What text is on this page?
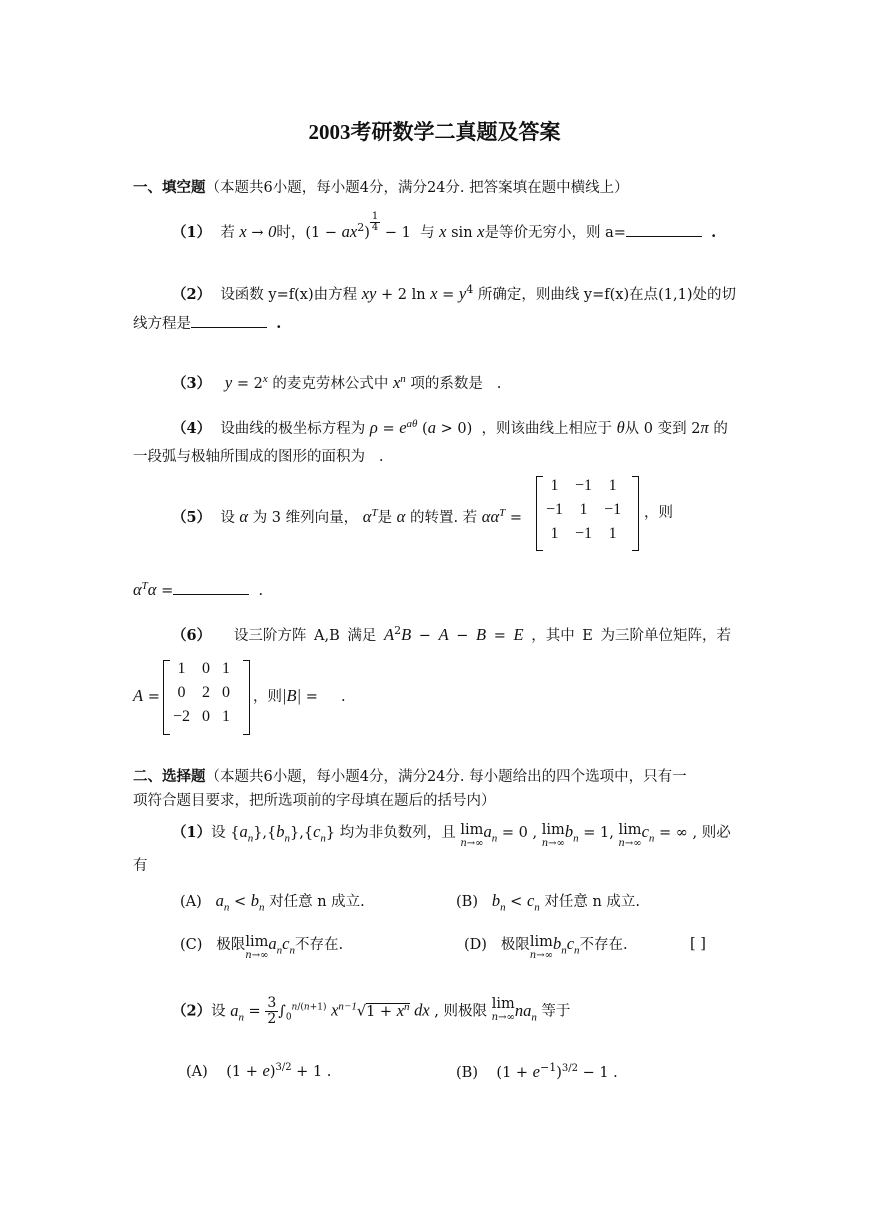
2003考研数学二真题及答案
一、填空题（本题共6小题，每小题4分，满分24分. 把答案填在题中横线上）
（1） 若 x → 0时，$(1 - ax^2)$ $^{\frac{1}{4}}$ − 1  与 x sin x是等价无穷小，则 a=	.
（2） 设函数 y=f(x)由方程 xy + 2 $\ln x = y^4$ 所确定，则曲线 y=f(x)在点(1,1)处的切
线方程是	.
（3） $y = 2^x$ 的麦克劳林公式中 $x^n$ 项的系数是 .
（4） 设曲线的极坐标方程为 $\rho = e^{a\theta}$ (a > 0)  ，则该曲线上相应于 θ从 0 变到 2π 的
一段弧与极轴所围成的图形的面积为 .
（5） 设 α 为 3 维列向量， $\alpha^T$是 α 的转置. 若 $\alpha\alpha^T$ =
1	−1	1
−1	1	−1
1	−1	1
，则
$\alpha^T\alpha$ =	.
（6） 设三阶方阵 A,B 满足 $A^2B - A - B = E$ ，其中 E 为三阶单位矩阵，若
A =
1	0	1
0	2	0
−2	0	1
，则|B| =     .
二、选择题（本题共6小题，每小题4分，满分24分. 每小题给出的四个选项中，只有一
项符合题目要求，把所选项前的字母填在题后的括号内）
（1）设 $\{a_n\},\{b_n\},\{c_n\}$ 均为非负数列，且 lim
n→∞
$a_n = 0$ , lim
n→∞
$b_n = 1$, lim
n→∞
$c_n$ = ∞ , 则必
有
(A) $a_n < b_n$ 对任意 n 成立.	(B) $b_n < c_n$ 对任意 n 成立.
(C) 极限lim
n→∞
$a_nc_n$不存在.	(D) 极限lim
n→∞
$b_nc_n$不存在.	[ ]
（2）设 $a_n = \frac{3}{2} \int_0^{n/(n+1)}$ $x^{n-1}√1 + x^n$ dx , 则极限 lim
n→∞ $na_n$ 等于
(A)    $(1 + e)^{3/2} + 1$ .	(B)    $(1 + e^{-1})^{3/2} - 1$ .
